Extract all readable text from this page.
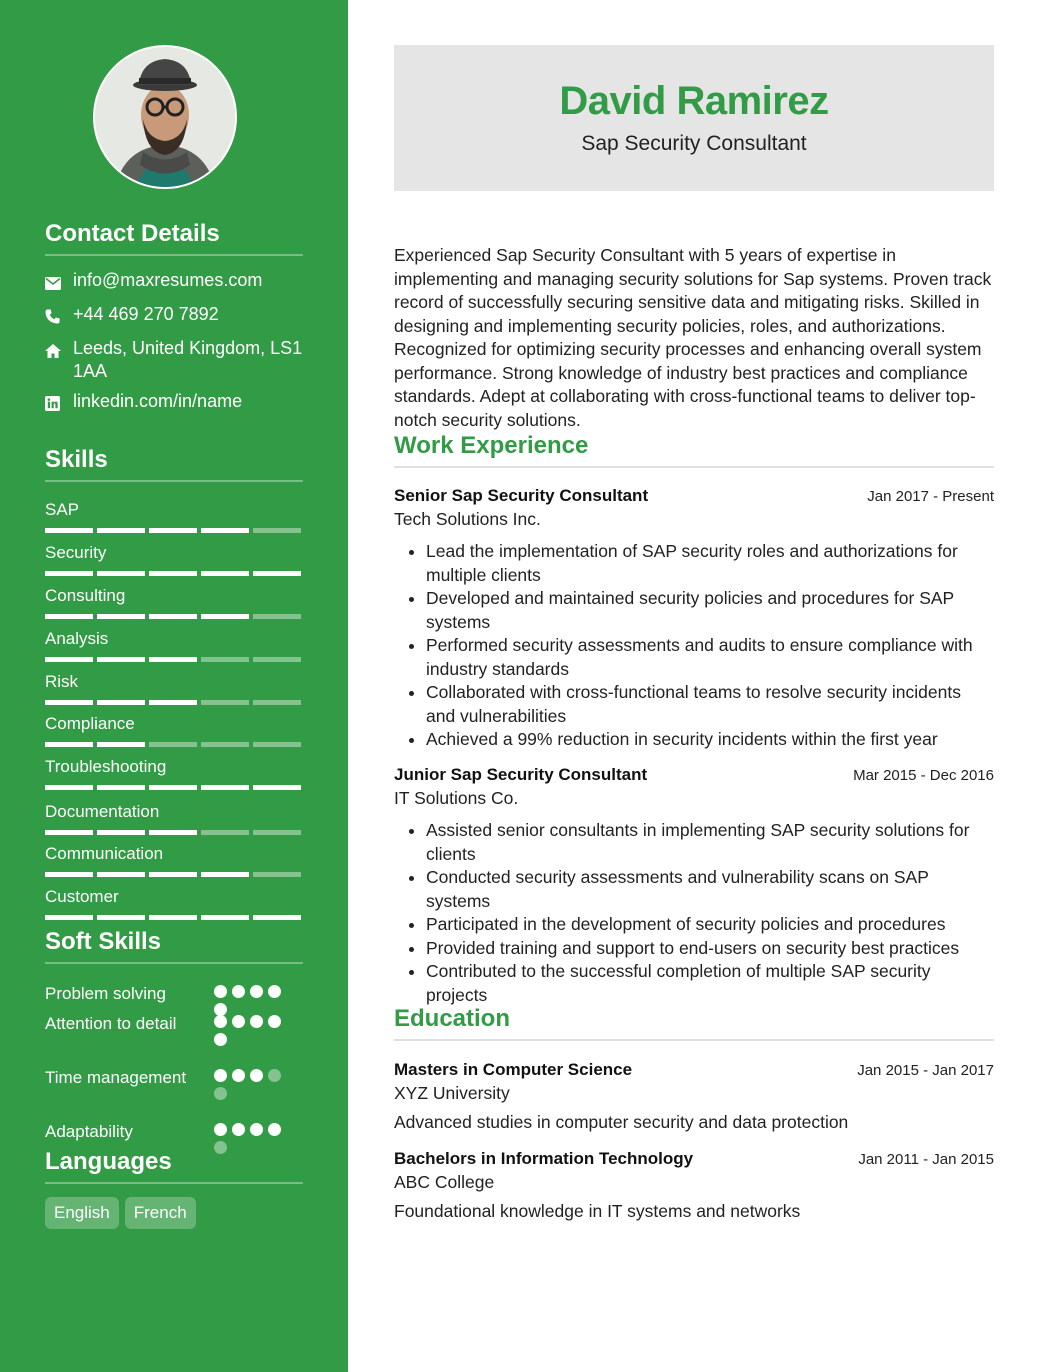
Contact Details
info@maxresumes.com
+44 469 270 7892
Leeds, United Kingdom, LS1 1AA
linkedin.com/in/name
Skills
SAP
Security
Consulting
Analysis
Risk
Compliance
Troubleshooting
Documentation
Communication
Customer
Soft Skills
Problem solving
Attention to detail
Time management
Adaptability
Languages
English	French
David Ramirez
Sap Security Consultant
Experienced Sap Security Consultant with 5 years of expertise in implementing and managing security solutions for Sap systems. Proven track record of successfully securing sensitive data and mitigating risks. Skilled in designing and implementing security policies, roles, and authorizations. Recognized for optimizing security processes and enhancing overall system performance. Strong knowledge of industry best practices and compliance standards. Adept at collaborating with cross-functional teams to deliver top-notch security solutions.
Work Experience
Senior Sap Security Consultant	Jan 2017 - Present
Tech Solutions Inc.
• Lead the implementation of SAP security roles and authorizations for multiple clients
• Developed and maintained security policies and procedures for SAP systems
• Performed security assessments and audits to ensure compliance with industry standards
• Collaborated with cross-functional teams to resolve security incidents and vulnerabilities
• Achieved a 99% reduction in security incidents within the first year
Junior Sap Security Consultant	Mar 2015 - Dec 2016
IT Solutions Co.
• Assisted senior consultants in implementing SAP security solutions for clients
• Conducted security assessments and vulnerability scans on SAP systems
• Participated in the development of security policies and procedures
• Provided training and support to end-users on security best practices
• Contributed to the successful completion of multiple SAP security projects
Education
Masters in Computer Science	Jan 2015 - Jan 2017
XYZ University
Advanced studies in computer security and data protection
Bachelors in Information Technology	Jan 2011 - Jan 2015
ABC College
Foundational knowledge in IT systems and networks
